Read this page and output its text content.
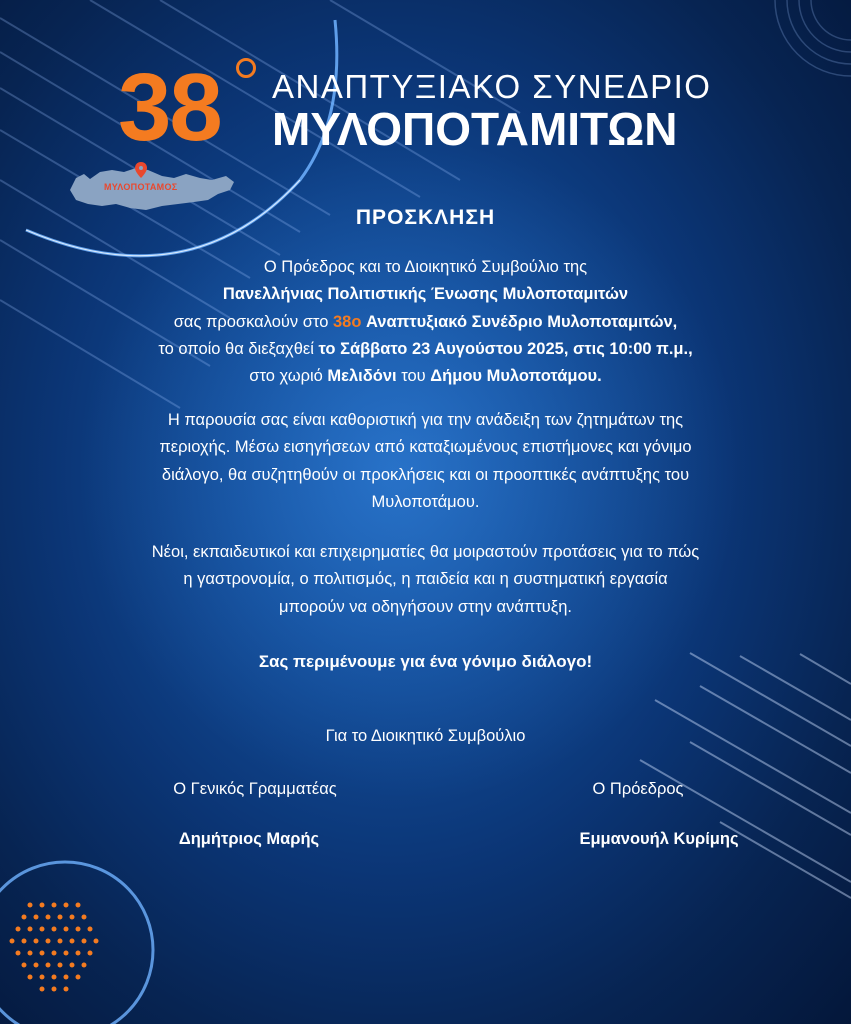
38 ΑΝΑΠΤΥΞΙΑΚΟ ΣΥΝΕΔΡΙΟ
ΜΥΛΟΠΟΤΑΜΙΤΩΝ
ΜΥΛΟΠΟΤΑΜΟΣ
ΠΡΟΣΚΛΗΣΗ
Ο Πρόεδρος και το Διοικητικό Συμβούλιο της
Πανελλήνιας Πολιτιστικής Ένωσης Μυλοποταμιτών
σας προσκαλούν στο 38ο Αναπτυξιακό Συνέδριο Μυλοποταμιτών,
το οποίο θα διεξαχθεί το Σάββατο 23 Αυγούστου 2025, στις 10:00 π.μ.,
στο χωριό Μελιδόνι του Δήμου Μυλοποτάμου.
Η παρουσία σας είναι καθοριστική για την ανάδειξη των ζητημάτων της
περιοχής. Μέσω εισηγήσεων από καταξιωμένους επιστήμονες και γόνιμο
διάλογο, θα συζητηθούν οι προκλήσεις και οι προοπτικές ανάπτυξης του
Μυλοποτάμου.
Νέοι, εκπαιδευτικοί και επιχειρηματίες θα μοιραστούν προτάσεις για το πώς
η γαστρονομία, ο πολιτισμός, η παιδεία και η συστηματική εργασία
μπορούν να οδηγήσουν στην ανάπτυξη.
Σας περιμένουμε για ένα γόνιμο διάλογο!
Για το Διοικητικό Συμβούλιο
Ο Γενικός Γραμματέας
Δημήτριος Μαρής
Ο Πρόεδρος
Εμμανουήλ Κυρίμης
